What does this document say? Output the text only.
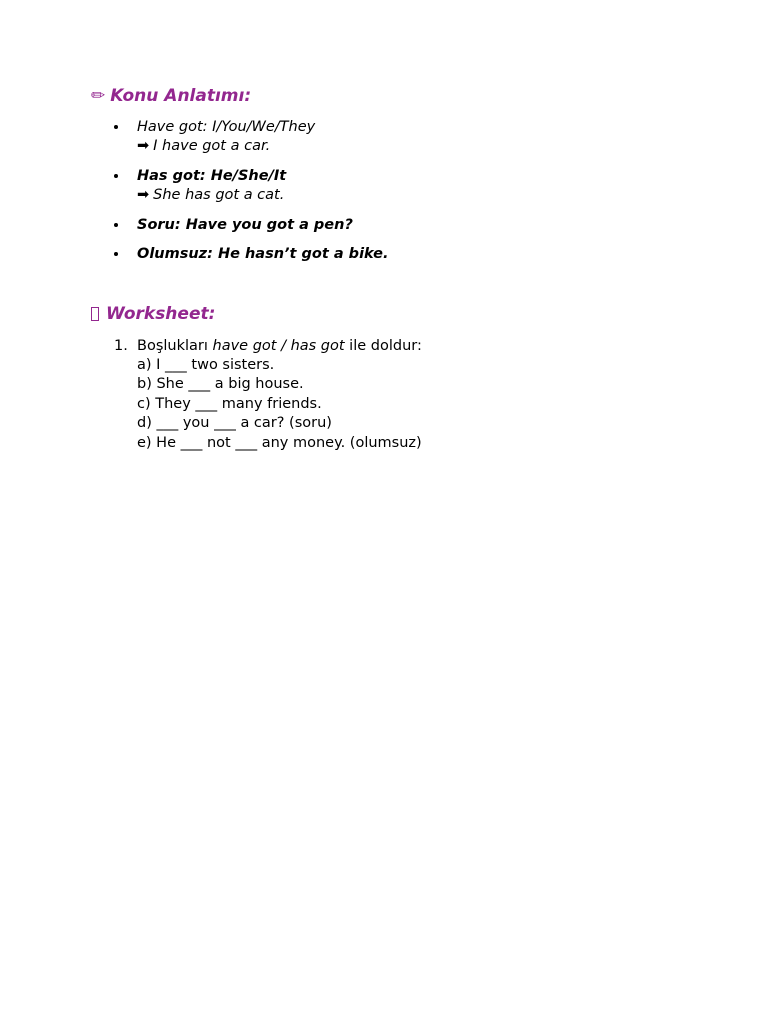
✏ Konu Anlatımı:
Have got: I/You/We/They
➡ I have got a car.
Has got: He/She/It
➡ She has got a cat.
Soru: Have you got a pen?
Olumsuz: He hasn’t got a bike.
Worksheet:
1. Boşlukları have got / has got ile doldur:
a) I ___ two sisters.
b) She ___ a big house.
c) They ___ many friends.
d) ___ you ___ a car? (soru)
e) He ___ not ___ any money. (olumsuz)
